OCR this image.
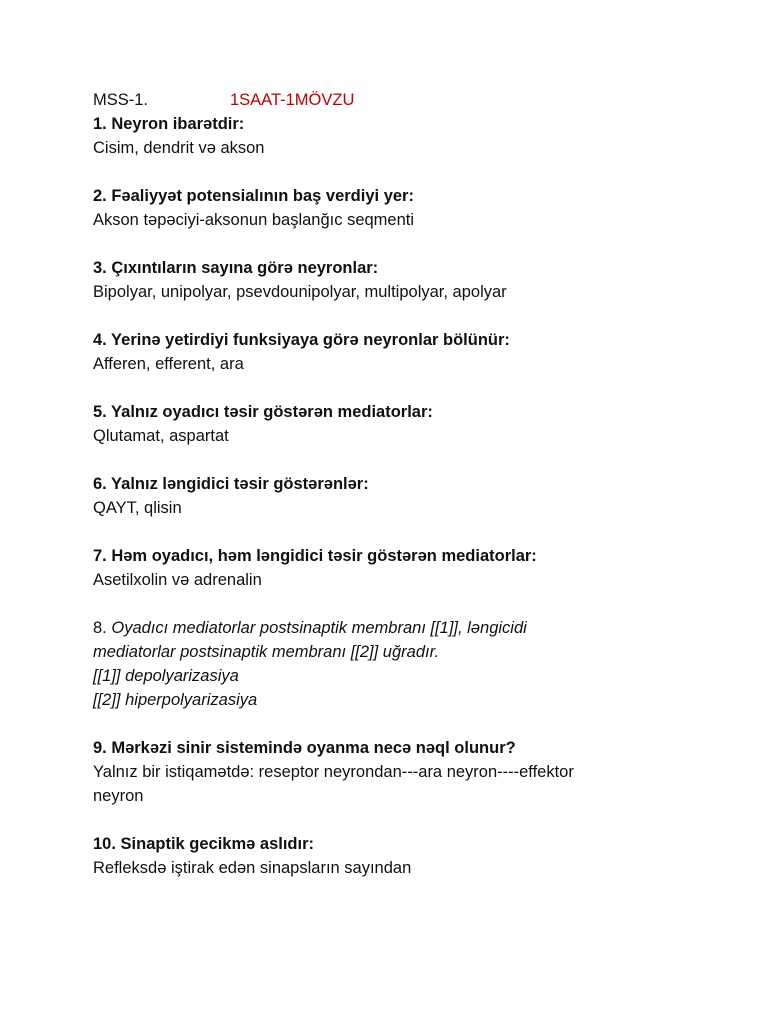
MSS-1.	1SAAT-1MÖVZU
1. Neyron ibarətdir:
Cisim, dendrit və akson
2. Fəaliyyət potensialının baş verdiyi yer:
Akson təpəciyi-aksonun başlanğıc seqmenti
3. Çıxıntıların sayına görə neyronlar:
Bipolyar, unipolyar, psevdounipolyar, multipolyar, apolyar
4. Yerinə yetirdiyi funksiyaya görə neyronlar bölünür:
Afferen, efferent, ara
5. Yalnız oyadıcı təsir göstərən mediatorlar:
Qlutamat, aspartat
6. Yalnız ləngidici təsir göstərənlər:
QAYT, qlisin
7. Həm oyadıcı, həm ləngidici təsir göstərən mediatorlar:
Asetilxolin və adrenalin
8. Oyadıcı mediatorlar postsinaptik membranı [[1]], ləngicidi
mediatorlar postsinaptik membranı [[2]] uğradır.
[[1]] depolyarizasiya
[[2]] hiperpolyarizasiya
9. Mərkəzi sinir sistemində oyanma necə nəql olunur?
Yalnız bir istiqamətdə: reseptor neyrondan---ara neyron----effektor
neyron
10. Sinaptik gecikmə aslıdır:
Refleksdə iştirak edən sinapsların sayından
